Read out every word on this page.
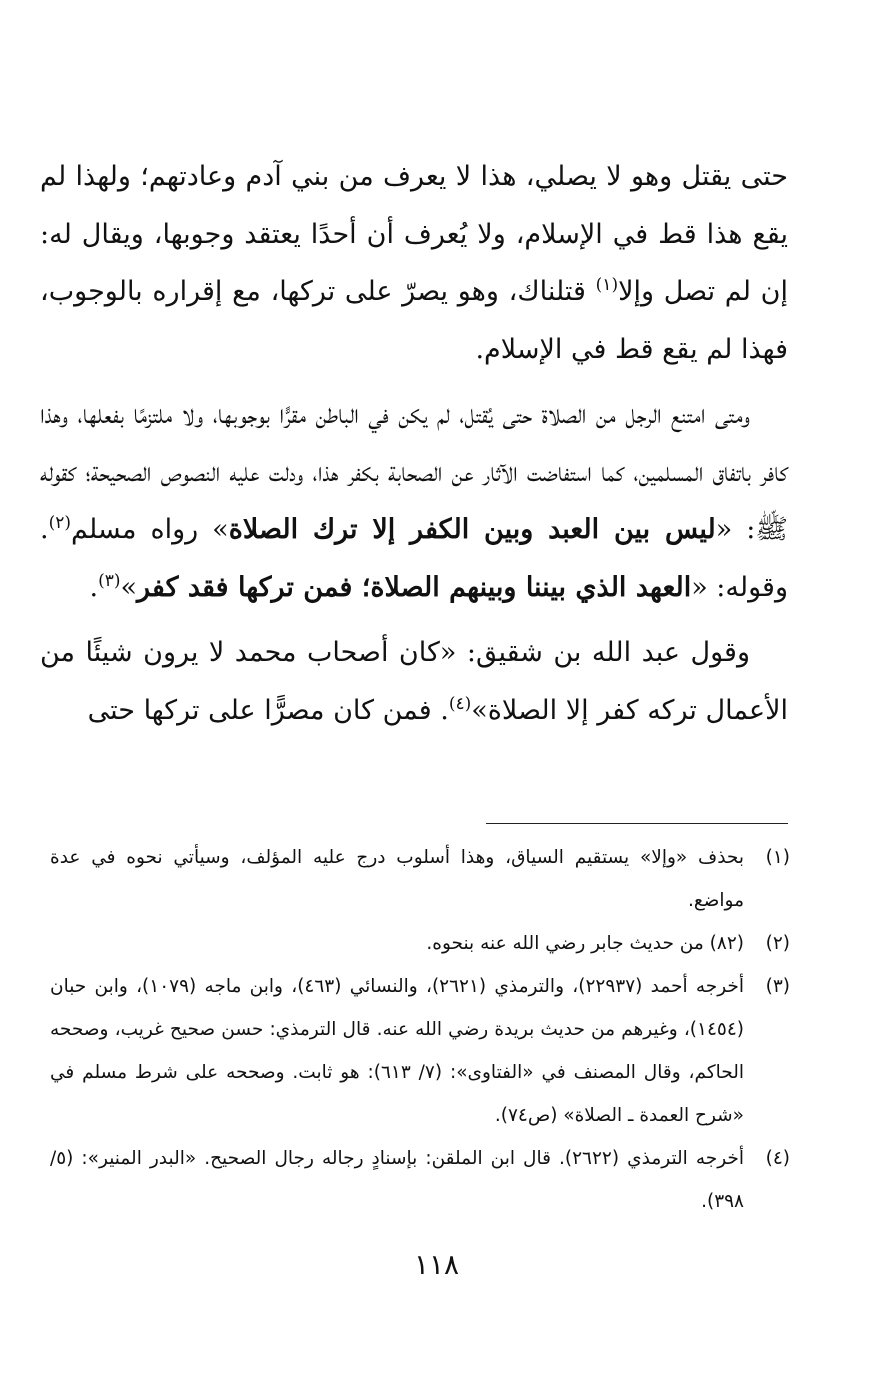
حتى يقتل وهو لا يصلي، هذا لا يعرف من بني آدم وعادتهم؛ ولهذا لم يقع هذا قط في الإسلام، ولا يُعرف أن أحدًا يعتقد وجوبها، ويقال له: إن لم تصل وإلا$^{(١)}$ قتلناك، وهو يصرّ على تركها، مع إقراره بالوجوب، فهذا لم يقع قط في الإسلام.

ومتى امتنع الرجل من الصلاة حتى يُقتل، لم يكن في الباطن مقرًّا بوجوبها، ولا ملتزمًا بفعلها، وهذا كافر باتفاق المسلمين، كما استفاضت الآثار عن الصحابة بكفر هذا، ودلت عليه النصوص الصحيحة؛ كقوله ﷺ: «ليس بين العبد وبين الكفر إلا ترك الصلاة» رواه مسلم$^{(٢)}$. وقوله: «العهد الذي بيننا وبينهم الصلاة؛ فمن تركها فقد كفر»$^{(٣)}$.

وقول عبد الله بن شقيق: «كان أصحاب محمد لا يرون شيئًا من الأعمال تركه كفر إلا الصلاة»$^{(٤)}$. فمن كان مصرًّا على تركها حتى

(١)
بحذف «وإلا» يستقيم السياق، وهذا أسلوب درج عليه المؤلف، وسيأتي نحوه في عدة مواضع.
(٢)
(٨٢) من حديث جابر رضي الله عنه بنحوه.
(٣)
أخرجه أحمد (٢٢٩٣٧)، والترمذي (٢٦٢١)، والنسائي (٤٦٣)، وابن ماجه (١٠٧٩)، وابن حبان (١٤٥٤)، وغيرهم من حديث بريدة رضي الله عنه. قال الترمذي: حسن صحيح غريب، وصححه الحاكم، وقال المصنف في «الفتاوى»: (٧/ ٦١٣): هو ثابت. وصححه على شرط مسلم في «شرح العمدة ـ الصلاة» (ص٧٤).
(٤)
أخرجه الترمذي (٢٦٢٢). قال ابن الملقن: بإسنادٍ رجاله رجال الصحيح. «البدر المنير»: (٥/ ٣٩٨).
١١٨
